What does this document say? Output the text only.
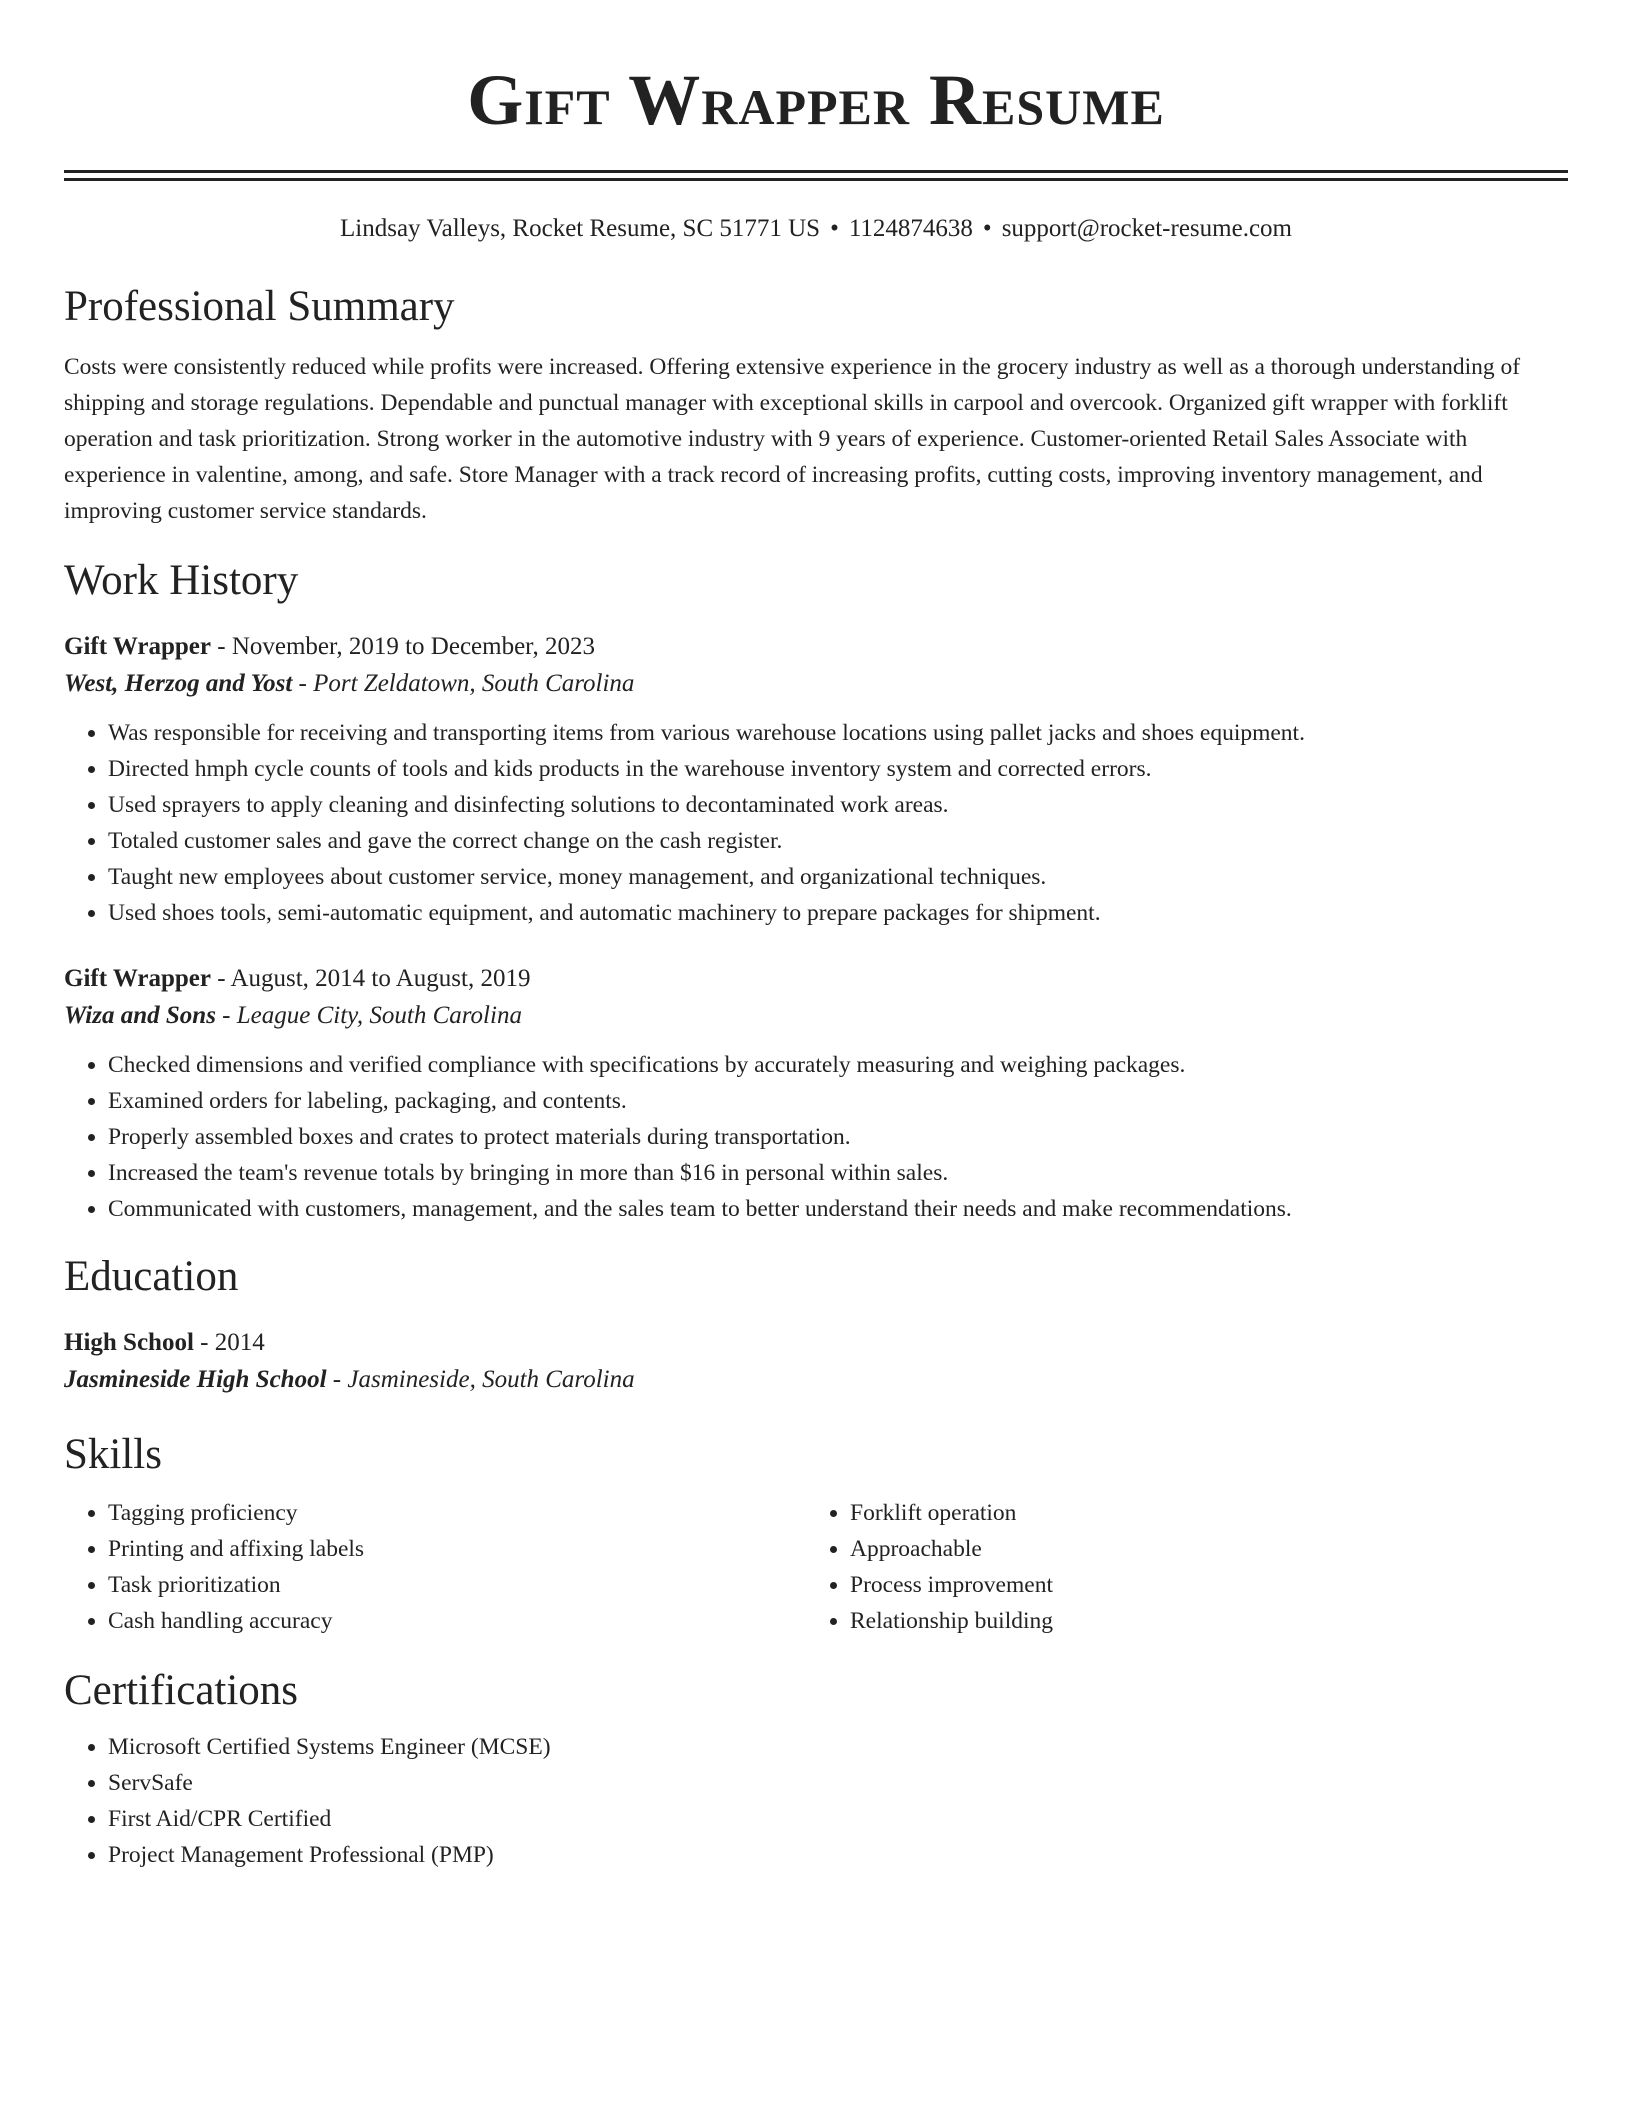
Gift Wrapper Resume
Lindsay Valleys, Rocket Resume, SC 51771 US • 1124874638 • support@rocket-resume.com
Professional Summary

Costs were consistently reduced while profits were increased. Offering extensive experience in the grocery industry as well as a thorough understanding of shipping and storage regulations. Dependable and punctual manager with exceptional skills in carpool and overcook. Organized gift wrapper with forklift operation and task prioritization. Strong worker in the automotive industry with 9 years of experience. Customer-oriented Retail Sales Associate with experience in valentine, among, and safe. Store Manager with a track record of increasing profits, cutting costs, improving inventory management, and improving customer service standards.

Work History
Gift Wrapper - November, 2019 to December, 2023
West, Herzog and Yost - Port Zeldatown, South Carolina
• Was responsible for receiving and transporting items from various warehouse locations using pallet jacks and shoes equipment.
• Directed hmph cycle counts of tools and kids products in the warehouse inventory system and corrected errors.
• Used sprayers to apply cleaning and disinfecting solutions to decontaminated work areas.
• Totaled customer sales and gave the correct change on the cash register.
• Taught new employees about customer service, money management, and organizational techniques.
• Used shoes tools, semi-automatic equipment, and automatic machinery to prepare packages for shipment.
Gift Wrapper - August, 2014 to August, 2019
Wiza and Sons - League City, South Carolina
• Checked dimensions and verified compliance with specifications by accurately measuring and weighing packages.
• Examined orders for labeling, packaging, and contents.
• Properly assembled boxes and crates to protect materials during transportation.
• Increased the team's revenue totals by bringing in more than $16 in personal within sales.
• Communicated with customers, management, and the sales team to better understand their needs and make recommendations.
Education
High School - 2014
Jasmineside High School - Jasmineside, South Carolina
Skills
• Tagging proficiency
• Printing and affixing labels
• Task prioritization
• Cash handling accuracy
• Forklift operation
• Approachable
• Process improvement
• Relationship building
Certifications
• Microsoft Certified Systems Engineer (MCSE)
• ServSafe
• First Aid/CPR Certified
• Project Management Professional (PMP)
